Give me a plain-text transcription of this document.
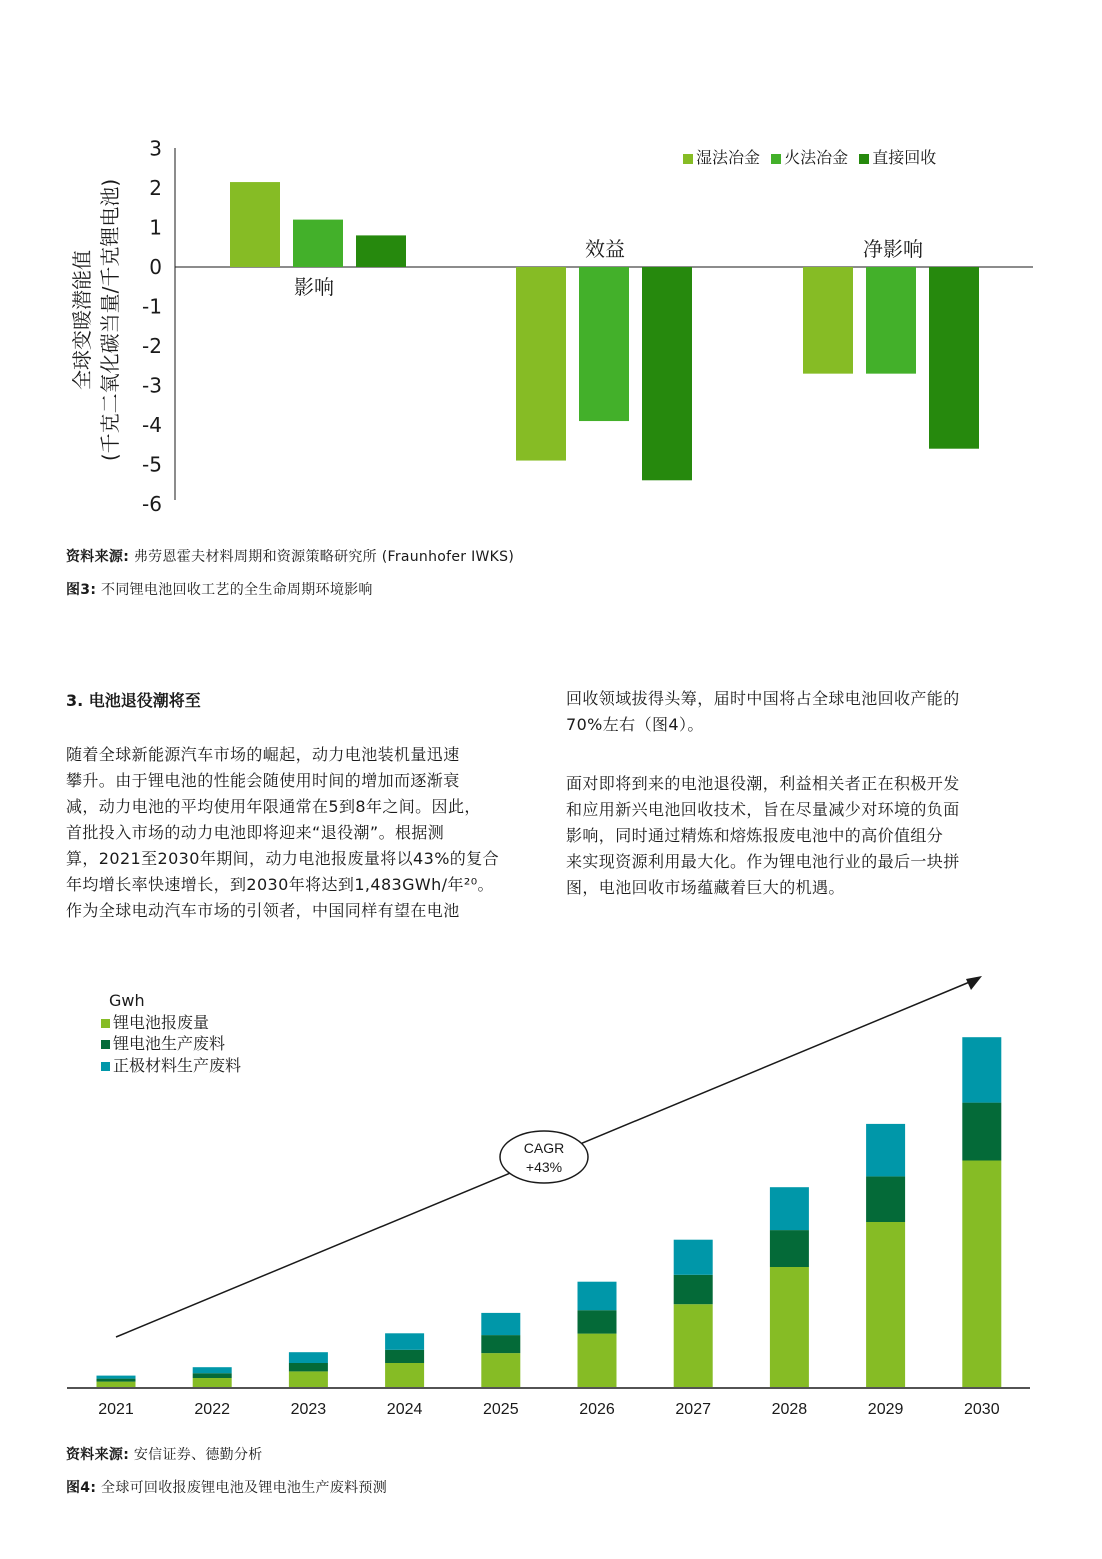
3
2
1
0
-1
-2
-3
-4
-5
-6
影响
效益	净影响
全球变暖潜能值 (千克二氧化碳当量/千克锂电池)
湿法冶金 火法冶金 直接回收
资料来源: 弗劳恩霍夫材料周期和资源策略研究所 (Fraunhofer IWKS)
图3: 不同锂电池回收工艺的全生命周期环境影响
3. 电池退役潮将至

随着全球新能源汽车市场的崛起，动力电池装机量迅速

攀升。由于锂电池的性能会随使用时间的增加而逐渐衰

减，动力电池的平均使用年限通常在5到8年之间。因此，

首批投入市场的动力电池即将迎来“退役潮”。根据测

算，2021至2030年期间，动力电池报废量将以43%的复合

年均增长率快速增长，到2030年将达到1,483GWh/年²⁰。

作为全球电动汽车市场的引领者，中国同样有望在电池

回收领域拔得头筹，届时中国将占全球电池回收产能的

70%左右（图4）。

面对即将到来的电池退役潮，利益相关者正在积极开发

和应用新兴电池回收技术，旨在尽量减少对环境的负面

影响，同时通过精炼和熔炼报废电池中的高价值组分

来实现资源利用最大化。作为锂电池行业的最后一块拼

图，电池回收市场蕴藏着巨大的机遇。

2021	2022	2023	2024	2025	2026	2027	2028	2029	2030
CAGR
+43%
Gwh
锂电池报废量
锂电池生产废料
正极材料生产废料
资料来源: 安信证券、德勤分析
图4: 全球可回收报废锂电池及锂电池生产废料预测
